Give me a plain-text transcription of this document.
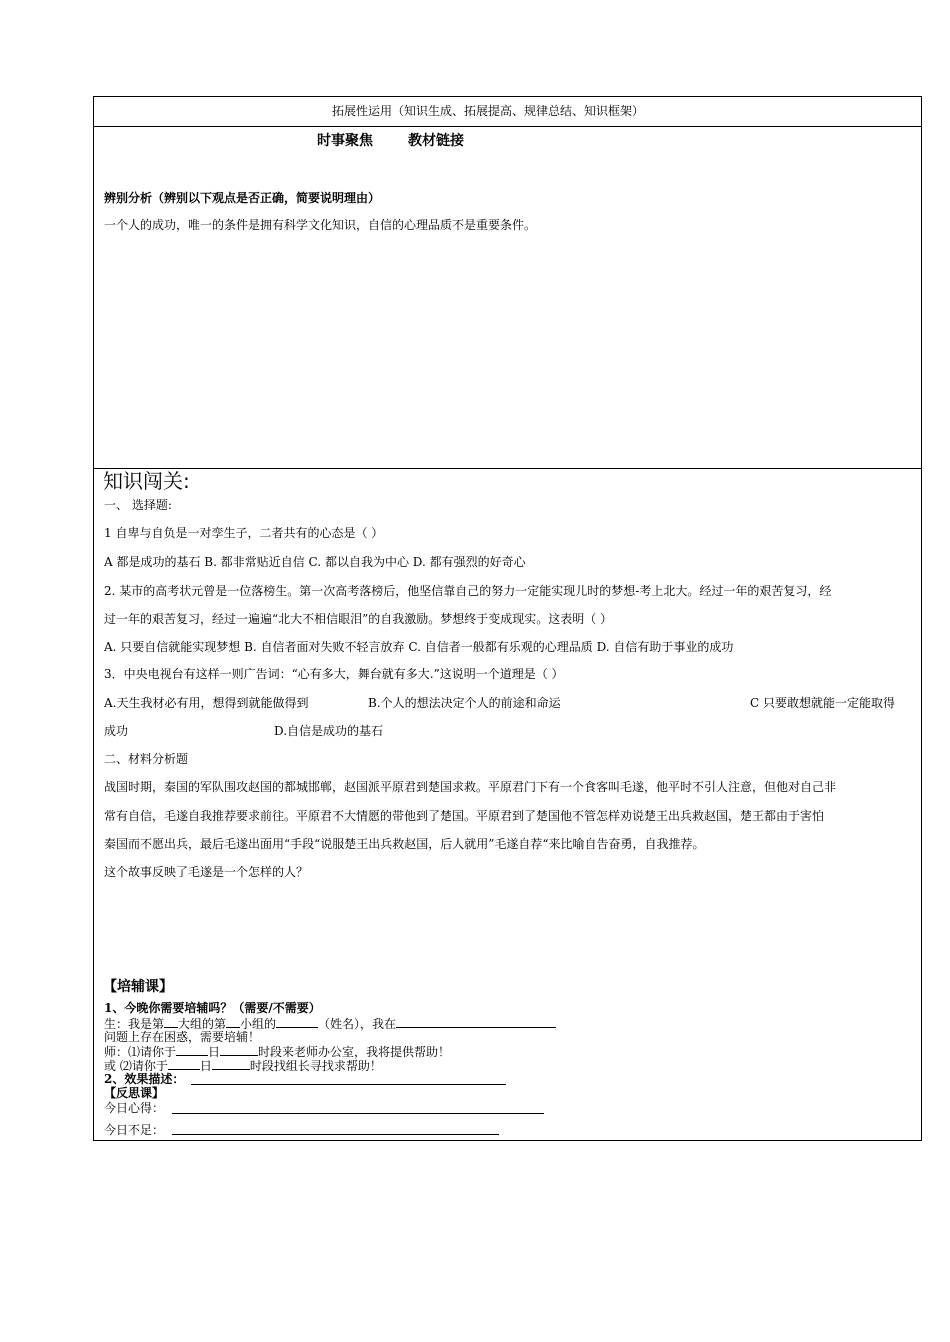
拓展性运用（知识生成、拓展提高、规律总结、知识框架）
时事聚焦	教材链接
辨别分析（辨别以下观点是否正确，简要说明理由）
一个人的成功，唯一的条件是拥有科学文化知识，自信的心理品质不是重要条件。
知识闯关:
一、 选择题:
1 自卑与自负是一对孪生子，二者共有的心态是（ ）
A 都是成功的基石 B. 都非常贴近自信 C. 都以自我为中心 D. 都有强烈的好奇心
2. 某市的高考状元曾是一位落榜生。第一次高考落榜后，他坚信靠自己的努力一定能实现儿时的梦想-考上北大。经过一年的艰苦复习，经
过一年的艰苦复习，经过一遍遍“北大不相信眼泪”的自我激励。梦想终于变成现实。这表明（ ）
A. 只要自信就能实现梦想 B. 自信者面对失败不轻言放弃 C. 自信者一般都有乐观的心理品质 D. 自信有助于事业的成功
3．中央电视台有这样一则广告词：“心有多大，舞台就有多大.”这说明一个道理是（ ）
A.天生我材必有用，想得到就能做得到	B.个人的想法决定个人的前途和命运	C 只要敢想就能一定能取得
成功	D.自信是成功的基石
二、材料分析题
战国时期，秦国的军队围攻赵国的都城邯郸，赵国派平原君到楚国求救。平原君门下有一个食客叫毛遂，他平时不引人注意，但他对自己非
常有自信，毛遂自我推荐要求前往。平原君不大情愿的带他到了楚国。平原君到了楚国他不管怎样劝说楚王出兵救赵国，楚王都由于害怕
秦国而不愿出兵，最后毛遂出面用“手段“说服楚王出兵救赵国，后人就用”毛遂自荐“来比喻自告奋勇，自我推荐。
这个故事反映了毛遂是一个怎样的人？
【培辅课】
1、今晚你需要培辅吗？（需要/不需要）
生：我是第 大组的第 小组的	（姓名），我在
问题上存在困惑，需要培辅！
师：⑴请你于	日	时段来老师办公室，我将提供帮助！
或 ⑵请你于	日	时段找组长寻找求帮助！
2、效果描述：
【反思课】
今日心得：
今日不足：
